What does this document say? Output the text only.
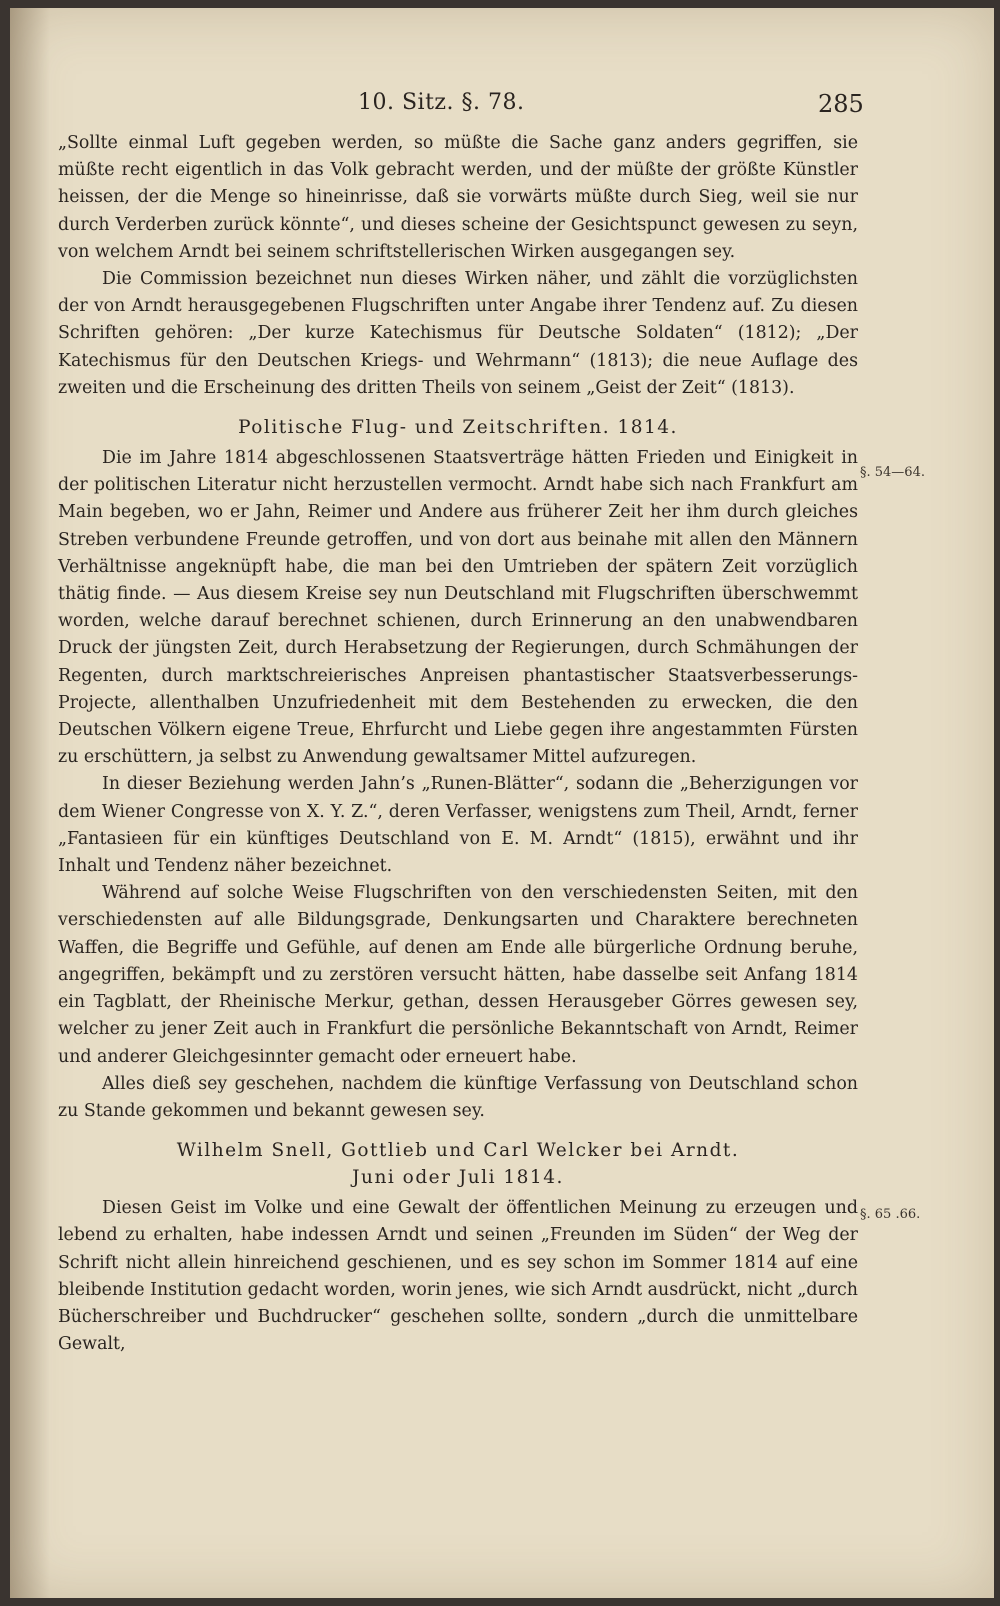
10. Sitz. §. 78.	285

„Sollte einmal Luft gegeben werden, so müßte die Sache ganz anders gegriffen, sie müßte recht eigentlich in das Volk gebracht werden, und der müßte der größte Künstler heissen, der die Menge so hineinrisse, daß sie vorwärts müßte durch Sieg, weil sie nur durch Verderben zurück könnte“, und dieses scheine der Gesichtspunct gewesen zu seyn, von welchem Arndt bei seinem schriftstellerischen Wirken ausgegangen sey.

Die Commission bezeichnet nun dieses Wirken näher, und zählt die vorzüglichsten der von Arndt herausgegebenen Flugschriften unter Angabe ihrer Tendenz auf. Zu diesen Schriften gehören: „Der kurze Katechismus für Deutsche Soldaten“ (1812); „Der Katechismus für den Deutschen Kriegs- und Wehrmann“ (1813); die neue Auflage des zweiten und die Erscheinung des dritten Theils von seinem „Geist der Zeit“ (1813).

Politische Flug- und Zeitschriften. 1814.

Die im Jahre 1814 abgeschlossenen Staatsverträge hätten Frieden und Einigkeit in der politischen Literatur nicht herzustellen vermocht. Arndt habe sich nach Frankfurt am Main begeben, wo er Jahn, Reimer und Andere aus früherer Zeit her ihm durch gleiches Streben verbundene Freunde getroffen, und von dort aus beinahe mit allen den Männern Verhältnisse angeknüpft habe, die man bei den Umtrieben der spätern Zeit vorzüglich thätig finde. — Aus diesem Kreise sey nun Deutschland mit Flugschriften überschwemmt worden, welche darauf berechnet schienen, durch Erinnerung an den unabwendbaren Druck der jüngsten Zeit, durch Herabsetzung der Regierungen, durch Schmähungen der Regenten, durch marktschreierisches Anpreisen phantastischer Staatsverbesserungs-Projecte, allenthalben Unzufriedenheit mit dem Bestehenden zu erwecken, die den Deutschen Völkern eigene Treue, Ehrfurcht und Liebe gegen ihre angestammten Fürsten zu erschüttern, ja selbst zu Anwendung gewaltsamer Mittel aufzuregen.

In dieser Beziehung werden Jahn’s „Runen-Blätter“, sodann die „Beherzigungen vor dem Wiener Congresse von X. Y. Z.“, deren Verfasser, wenigstens zum Theil, Arndt, ferner „Fantasieen für ein künftiges Deutschland von E. M. Arndt“ (1815), erwähnt und ihr Inhalt und Tendenz näher bezeichnet.

Während auf solche Weise Flugschriften von den verschiedensten Seiten, mit den verschiedensten auf alle Bildungsgrade, Denkungsarten und Charaktere berechneten Waffen, die Begriffe und Gefühle, auf denen am Ende alle bürgerliche Ordnung beruhe, angegriffen, bekämpft und zu zerstören versucht hätten, habe dasselbe seit Anfang 1814 ein Tagblatt, der Rheinische Merkur, gethan, dessen Herausgeber Görres gewesen sey, welcher zu jener Zeit auch in Frankfurt die persönliche Bekanntschaft von Arndt, Reimer und anderer Gleichgesinnter gemacht oder erneuert habe.

Alles dieß sey geschehen, nachdem die künftige Verfassung von Deutschland schon zu Stande gekommen und bekannt gewesen sey.

Wilhelm Snell, Gottlieb und Carl Welcker bei Arndt.
Juni oder Juli 1814.

Diesen Geist im Volke und eine Gewalt der öffentlichen Meinung zu erzeugen und lebend zu erhalten, habe indessen Arndt und seinen „Freunden im Süden“ der Weg der Schrift nicht allein hinreichend geschienen, und es sey schon im Sommer 1814 auf eine bleibende Institution gedacht worden, worin jenes, wie sich Arndt ausdrückt, nicht „durch Bücherschreiber und Buchdrucker“ geschehen sollte, sondern „durch die unmittelbare Gewalt,

§. 54—64.
§. 65 .66.
